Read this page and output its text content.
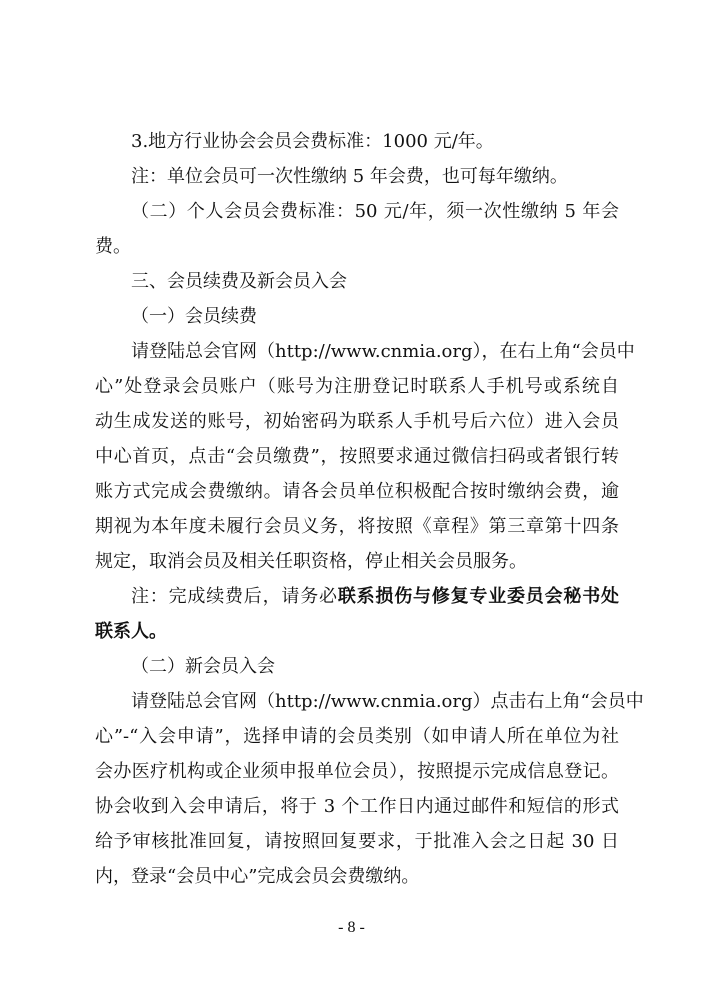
3.地方行业协会会员会费标准：1000 元/年。
注：单位会员可一次性缴纳 5 年会费，也可每年缴纳。
（二）个人会员会费标准：50 元/年，须一次性缴纳 5 年会
费。
三、会员续费及新会员入会
（一）会员续费
请登陆总会官网（http://www.cnmia.org），在右上角“会员中
心”处登录会员账户（账号为注册登记时联系人手机号或系统自
动生成发送的账号，初始密码为联系人手机号后六位）进入会员
中心首页，点击“会员缴费”，按照要求通过微信扫码或者银行转
账方式完成会费缴纳。请各会员单位积极配合按时缴纳会费，逾
期视为本年度未履行会员义务，将按照《章程》第三章第十四条
规定，取消会员及相关任职资格，停止相关会员服务。
注：完成续费后，请务必联系损伤与修复专业委员会秘书处
联系人。
（二）新会员入会
请登陆总会官网（http://www.cnmia.org）点击右上角“会员中
心”-“入会申请”，选择申请的会员类别（如申请人所在单位为社
会办医疗机构或企业须申报单位会员），按照提示完成信息登记。
协会收到入会申请后，将于 3 个工作日内通过邮件和短信的形式
给予审核批准回复，请按照回复要求，于批准入会之日起 30 日
内，登录“会员中心”完成会员会费缴纳。
- 8 -
